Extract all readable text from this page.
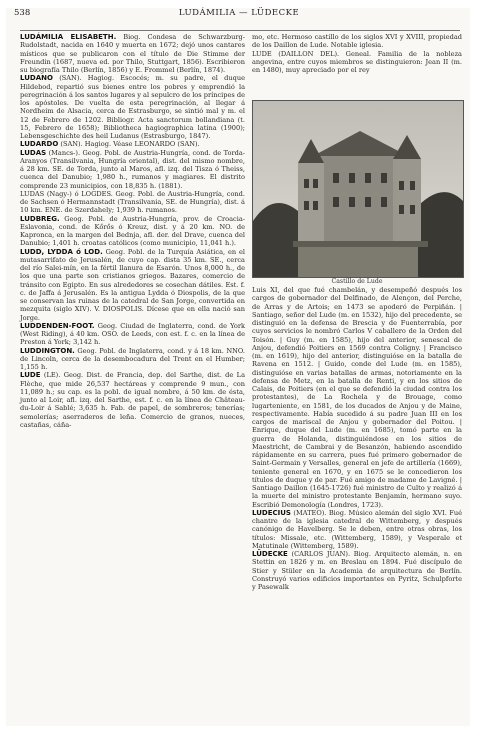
538	LUDÁMILIA — LÜDECKE

LUDÁMILIA ELISABETH. Biog. Condesa de Schwarzburg-Rudolstadt, nacida en 1640 y muerta en 1672; dejó unos cantares místicos que se publicaron con el título de Die Stimme der Freundin (1687, nueva ed. por Thilo, Stuttgart, 1856). Escribieron su biografía Thilo (Berlín, 1856) y E. Frommel (Berlín, 1874).

LUDANO (SAN). Hagiog. Escocés; m. su padre, el duque Hildebod, repartió sus bienes entre los pobres y emprendió la peregrinación á los santos lugares y al sepulcro de los príncipes de los apóstoles. De vuelta de esta peregrinación, al llegar á Nordheim de Alsacia, cerca de Estrasburgo, se sintió mal y m. el 12 de Febrero de 1202. Bibliogr. Acta sanctorum bollandiana (t. 15, Febrero de 1658); Bibliotheca hagiographica latina (1900); Lebensgeschichte des heil Ludanus (Estrasburgo, 1847).

LUDARDO (SAN). Hagiog. Véase LEONARDO (SAN).

LUDAS (Mancs-). Geog. Pobl. de Austria-Hungría, cond. de Torda-Aranyos (Transilvania, Hungría oriental), dist. del mismo nombre, á 28 km. SE. de Torda, junto al Maros, afl. izq. del Tisza ó Theiss, cuenca del Danubio; 1,980 h., rumanos y magiares. El distrito comprende 23 municipios, con 18,835 h. (1881).

LUDAS (Nagy-) ó LOGDES. Geog. Pobl. de Austria-Hungría, cond. de Sachsen ó Hermannstadt (Transilvania, SE. de Hungría), dist. á 10 km. ENE. de Szerdahely; 1,939 h. rumanos.

LUDBREG. Geog. Pobl. de Austria-Hungría, prov. de Croacia-Eslavonia, cond. de Kőrős ó Kreuz, dist. y á 20 km. NO. de Kapronca, en la margen del Bednja, afl. der. del Drave, cuenca del Danubio; 1,401 h. croatas católicos (como municipio, 11,041 h.).

LUDD, LYDDA ó LOD. Geog. Pobl. de la Turquía Asiática, en el mutasarrifato de Jerusalén, de cuyo cap. dista 35 km. SE., cerca del río Salei-mín, en la fértil llanura de Esarón. Unos 8,000 h., de los que una parte son cristianos griegos. Bazares, comercio de tránsito con Egipto. En sus alrededores se cosechan dátiles. Est. f. c. de Jaffa á Jerusalén. Es la antigua Lydda ó Diospolis, de la que se conservan las ruinas de la catedral de San Jorge, convertida en mezquita (siglo XIV). V. DIOSPOLIS. Dícese que en ella nació san Jorge.

LUDDENDEN-FOOT. Geog. Ciudad de Inglaterra, cond. de York (West Riding), á 40 km. OSO. de Leeds, con est. f. c. en la línea de Preston á York; 3,142 h.

LUDDINGTON. Geog. Pobl. de Inglaterra, cond. y á 18 km. NNO. de Lincoln, cerca de la desembocadura del Trent en el Humber; 1,155 h.

LUDE (LE). Geog. Dist. de Francia, dep. del Sarthe, dist. de La Flèche, que mide 26,537 hectáreas y comprende 9 mun., con 11,089 h.; su cap. es la pobl. de igual nombre, á 50 km. de ésta, junto al Loir, afl. izq. del Sarthe, est. f. c. en la línea de Château-du-Loir á Sablé; 3,635 h. Fab. de papel, de sombreros; tenerías; semolerías; aserraderos de leña. Comercio de granos, nueces, castañas, cáña-

mo, etc. Hermoso castillo de los siglos XVI y XVIII, propiedad de los Daillon de Lude. Notable iglesia.

LUDE (DAILLON DEL). Geneal. Familia de la nobleza angevina, entre cuyos miembros se distinguieron: Jean II (m. en 1480), muy apreciado por el rey

Castillo de Lude

Luis XI, del que fué chambelán, y desempeñó después los cargos de gobernador del Delfinado, de Alençon, del Perche, de Arras y de Artois; en 1473 se apoderó de Perpiñán. | Santiago, señor del Lude (m. en 1532), hijo del precedente, se distinguió en la defensa de Brescia y de Fuenterrabía, por cuyos servicios le nombró Carlos V caballero de la Orden del Toisón. | Guy (m. en 1585), hijo del anterior, senescal de Anjou, defendió Poitiers en 1569 contra Coligny. | Francisco (m. en 1619), hijo del anterior, distinguióse en la batalla de Ravena en 1512. | Guido, conde del Lude (m. en 1585), distinguióse en varias batallas de armas, notoriamente en la defensa de Metz, en la batalla de Renti, y en los sitios de Calais, de Poitiers (en el que se defendió la ciudad contra los protestantes), de La Rochela y de Brouage, como lugarteniente, en 1581, de los ducados de Anjou y de Maine, respectivamente. Había sucedido á su padre Juan III en los cargos de mariscal de Anjou y gobernador del Poitou. | Enrique, duque del Lude (m. en 1685), tomó parte en la guerra de Holanda, distinguiéndose en los sitios de Maestricht, de Cambrai y de Besanzón, habiendo ascendido rápidamente en su carrera, pues fué primero gobernador de Saint-Germain y Versalles, general en jefe de artillería (1669), teniente general en 1670, y en 1675 se le concedieron los títulos de duque y de par. Fué amigo de madame de Lavigné. | Santiago Daillon (1645-1726) fué ministro de Culto y realizó á la muerte del ministro protestante Benjamín, hermano suyo. Escribió Demonología (Londres, 1723).

LUDECIUS (MATEO). Biog. Músico alemán del siglo XVI. Fué chantre de la iglesia catedral de Wittemberg, y después canónigo de Havelberg. Se le deben, entre otras obras, los títulos: Missale, etc. (Wittemberg, 1589), y Vesperale et Matutinale (Wittemberg, 1589).

LÜDECKE (CARLOS JUAN). Biog. Arquitecto alemán, n. en Stettin en 1826 y m. en Breslau en 1894. Fué discípulo de Stier y Stüler en la Academia de arquitectura de Berlín. Construyó varios edificios importantes en Pyritz, Schulpforte y Pasewalk
